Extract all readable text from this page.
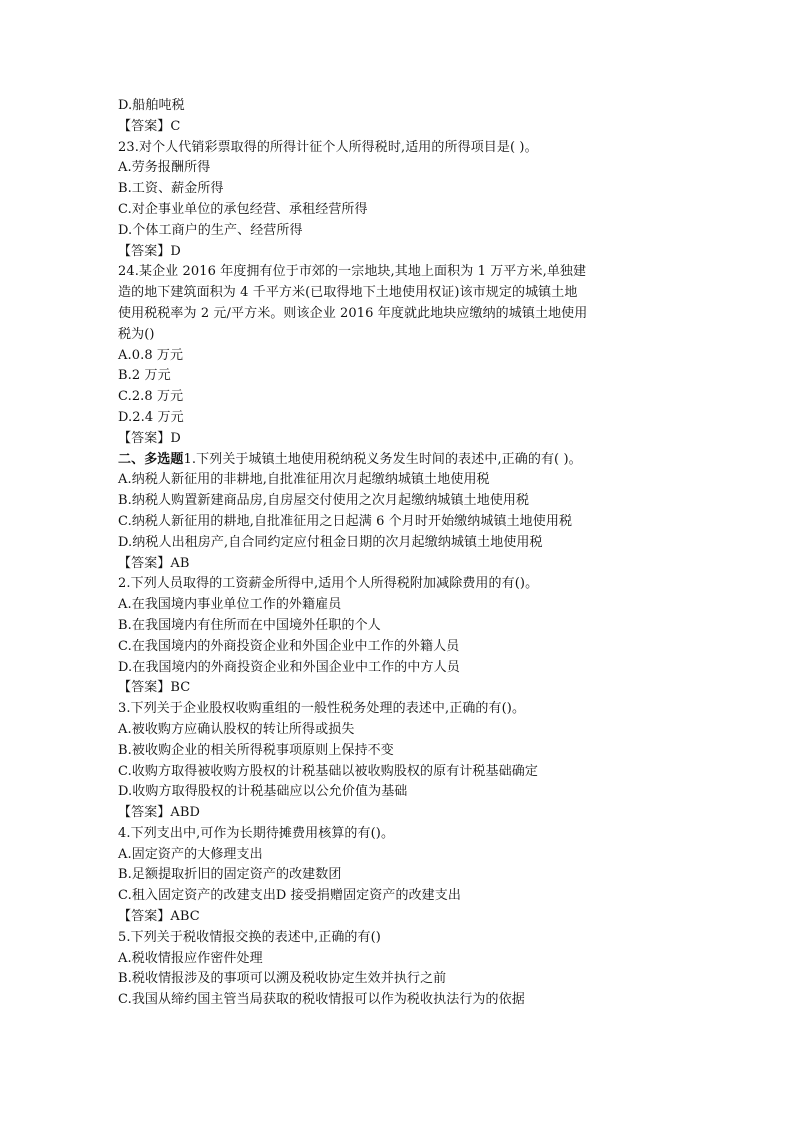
D.船舶吨税
【答案】C
23.对个人代销彩票取得的所得计征个人所得税时,适用的所得项目是( )。
A.劳务报酬所得
B.工资、薪金所得
C.对企事业单位的承包经营、承租经营所得
D.个体工商户的生产、经营所得
【答案】D
24.某企业 2016 年度拥有位于市郊的一宗地块,其地上面积为 1 万平方米,单独建
造的地下建筑面积为 4 千平方米(已取得地下土地使用权证)该市规定的城镇土地
使用税税率为 2 元/平方米。则该企业 2016 年度就此地块应缴纳的城镇土地使用
税为()
A.0.8 万元
B.2 万元
C.2.8 万元
D.2.4 万元
【答案】D
二、多选题1.下列关于城镇土地使用税纳税义务发生时间的表述中,正确的有( )。
A.纳税人新征用的非耕地,自批准征用次月起缴纳城镇土地使用税
B.纳税人购置新建商品房,自房屋交付使用之次月起缴纳城镇土地使用税
C.纳税人新征用的耕地,自批准征用之日起满 6 个月时开始缴纳城镇土地使用税
D.纳税人出租房产,自合同约定应付租金日期的次月起缴纳城镇土地使用税
【答案】AB
2.下列人员取得的工资薪金所得中,适用个人所得税附加减除费用的有()。
A.在我国境内事业单位工作的外籍雇员
B.在我国境内有住所而在中国境外任职的个人
C.在我国境内的外商投资企业和外国企业中工作的外籍人员
D.在我国境内的外商投资企业和外国企业中工作的中方人员
【答案】BC
3.下列关于企业股权收购重组的一般性税务处理的表述中,正确的有()。
A.被收购方应确认股权的转让所得或损失
B.被收购企业的相关所得税事项原则上保持不变
C.收购方取得被收购方股权的计税基础以被收购股权的原有计税基础确定
D.收购方取得股权的计税基础应以公允价值为基础
【答案】ABD
4.下列支出中,可作为长期待摊费用核算的有()。
A.固定资产的大修理支出
B.足额提取折旧的固定资产的改建数团
C.租入固定资产的改建支出D 接受捐赠固定资产的改建支出
【答案】ABC
5.下列关于税收情报交换的表述中,正确的有()
A.税收情报应作密件处理
B.税收情报涉及的事项可以溯及税收协定生效并执行之前
C.我国从缔约国主管当局获取的税收情报可以作为税收执法行为的依据
